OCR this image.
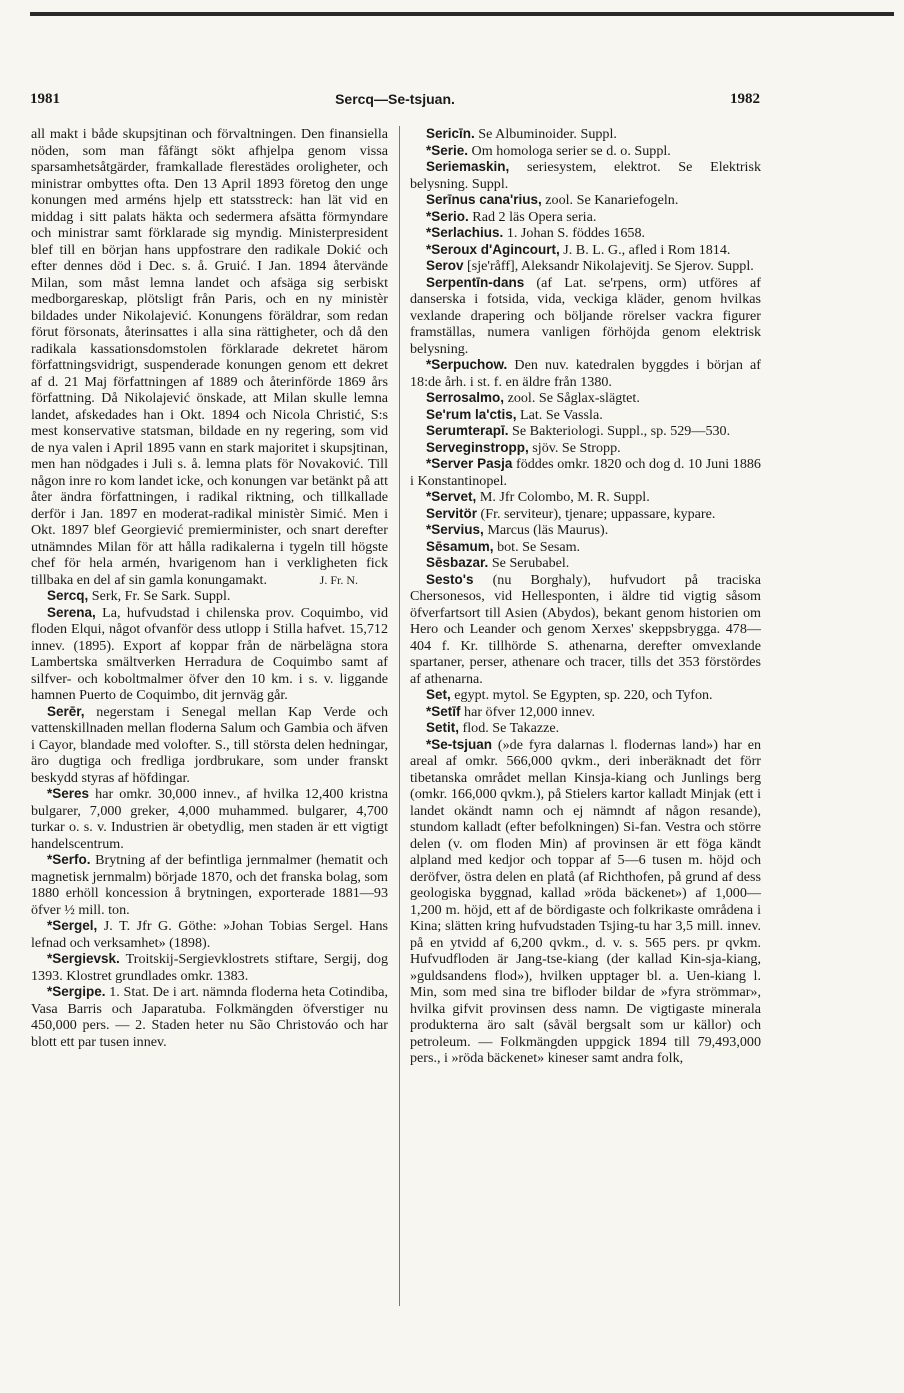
1981	Sercq—Se-tsjuan.	1982

all makt i både skupsjtinan och förvaltningen. Den finansiella nöden, som man fåfängt sökt afhjelpa genom vissa sparsamhetsåtgärder, framkallade flerestädes oroligheter, och ministrar ombyttes ofta. Den 13 April 1893 företog den unge konungen med arméns hjelp ett statsstreck: han lät vid en middag i sitt palats häkta och sedermera afsätta förmyndare och ministrar samt förklarade sig myndig. Ministerpresident blef till en början hans uppfostrare den radikale Dokić och efter dennes död i Dec. s. å. Gruić. I Jan. 1894 återvände Milan, som måst lemna landet och afsäga sig serbiskt medborgareskap, plötsligt från Paris, och en ny ministèr bildades under Nikolajević. Konungens föräldrar, som redan förut försonats, återinsattes i alla sina rättigheter, och då den radikala kassationsdomstolen förklarade dekretet härom författningsvidrigt, suspenderade konungen genom ett dekret af d. 21 Maj författningen af 1889 och återinförde 1869 års författning. Då Nikolajević önskade, att Milan skulle lemna landet, afskedades han i Okt. 1894 och Nicola Christić, S:s mest konservative statsman, bildade en ny regering, som vid de nya valen i April 1895 vann en stark majoritet i skupsjtinan, men han nödgades i Juli s. å. lemna plats för Novaković. Till någon inre ro kom landet icke, och konungen var betänkt på att åter ändra författningen, i radikal riktning, och tillkallade derför i Jan. 1897 en moderat-radikal ministèr Simić. Men i Okt. 1897 blef Georgiević premierminister, och snart derefter utnämndes Milan för att hålla radikalerna i tygeln till högste chef för hela armén, hvarigenom han i verkligheten fick tillbaka en del af sin gamla konungamakt.	J. Fr. N.

Sercq, Serk, Fr. Se Sark. Suppl.

Serena, La, hufvudstad i chilenska prov. Coquimbo, vid floden Elqui, något ofvanför dess utlopp i Stilla hafvet. 15,712 innev. (1895). Export af koppar från de närbelägna stora Lambertska smältverken Herradura de Coquimbo samt af silfver- och koboltmalmer öfver den 10 km. i s. v. liggande hamnen Puerto de Coquimbo, dit jernväg går.

Serēr, negerstam i Senegal mellan Kap Verde och vattenskillnaden mellan floderna Salum och Gambia och äfven i Cayor, blandade med volofter. S., till största delen hedningar, äro dugtiga och fredliga jordbrukare, som under franskt beskydd styras af höfdingar.

*Seres har omkr. 30,000 innev., af hvilka 12,400 kristna bulgarer, 7,000 greker, 4,000 muhammed. bulgarer, 4,700 turkar o. s. v. Industrien är obetydlig, men staden är ett vigtigt handelscentrum.

*Serfo. Brytning af der befintliga jernmalmer (hematit och magnetisk jernmalm) började 1870, och det franska bolag, som 1880 erhöll koncession å brytningen, exporterade 1881—93 öfver ½ mill. ton.

*Sergel, J. T. Jfr G. Göthe: »Johan Tobias Sergel. Hans lefnad och verksamhet» (1898).

*Sergievsk. Troitskij-Sergievklostrets stiftare, Sergij, dog 1393. Klostret grundlades omkr. 1383.

*Sergipe. 1. Stat. De i art. nämnda floderna heta Cotindiba, Vasa Barris och Japaratuba. Folkmängden öfverstiger nu 450,000 pers. — 2. Staden heter nu São Christováo och har blott ett par tusen innev.

Sericīn. Se Albuminoider. Suppl.

*Serie. Om homologa serier se d. o. Suppl.

Seriemaskin, seriesystem, elektrot. Se Elektrisk belysning. Suppl.

Serīnus cana'rius, zool. Se Kanariefogeln.

*Serio. Rad 2 läs Opera seria.

*Serlachius. 1. Johan S. föddes 1658.

*Seroux d'Agincourt, J. B. L. G., afled i Rom 1814.

Serov [sje'råff], Aleksandr Nikolajevitj. Se Sjerov. Suppl.

Serpentīn-dans (af Lat. se'rpens, orm) utföres af danserska i fotsida, vida, veckiga kläder, genom hvilkas vexlande drapering och böljande rörelser vackra figurer framställas, numera vanligen förhöjda genom elektrisk belysning.

*Serpuchow. Den nuv. katedralen byggdes i början af 18:de årh. i st. f. en äldre från 1380.

Serrosalmo, zool. Se Såglax-slägtet.

Se'rum la'ctis, Lat. Se Vassla.

Serumterapī. Se Bakteriologi. Suppl., sp. 529—530.

Serveginstropp, sjöv. Se Stropp.

*Server Pasja föddes omkr. 1820 och dog d. 10 Juni 1886 i Konstantinopel.

*Servet, M. Jfr Colombo, M. R. Suppl.

Servitör (Fr. serviteur), tjenare; uppassare, kypare.

*Servius, Marcus (läs Maurus).

Sēsamum, bot. Se Sesam.

Sēsbazar. Se Serubabel.

Sesto's (nu Borghaly), hufvudort på traciska Chersonesos, vid Hellesponten, i äldre tid vigtig såsom öfverfartsort till Asien (Abydos), bekant genom historien om Hero och Leander och genom Xerxes' skeppsbrygga. 478—404 f. Kr. tillhörde S. athenarna, derefter omvexlande spartaner, perser, athenare och tracer, tills det 353 förstördes af athenarna.

Set, egypt. mytol. Se Egypten, sp. 220, och Tyfon.

*Setīf har öfver 12,000 innev.

Setit, flod. Se Takazze.

*Se-tsjuan (»de fyra dalarnas l. flodernas land») har en areal af omkr. 566,000 qvkm., deri inberäknadt det förr tibetanska området mellan Kinsja-kiang och Junlings berg (omkr. 166,000 qvkm.), på Stielers kartor kalladt Minjak (ett i landet okändt namn och ej nämndt af någon resande), stundom kalladt (efter befolkningen) Si-fan. Vestra och större delen (v. om floden Min) af provinsen är ett föga kändt alpland med kedjor och toppar af 5—6 tusen m. höjd och deröfver, östra delen en platå (af Richthofen, på grund af dess geologiska byggnad, kallad »röda bäckenet») af 1,000—1,200 m. höjd, ett af de bördigaste och folkrikaste områdena i Kina; slätten kring hufvudstaden Tsjing-tu har 3,5 mill. innev. på en ytvidd af 6,200 qvkm., d. v. s. 565 pers. pr qvkm. Hufvudfloden är Jang-tse-kiang (der kallad Kin-sja-kiang, »guldsandens flod»), hvilken upptager bl. a. Uen-kiang l. Min, som med sina tre bifloder bildar de »fyra strömmar», hvilka gifvit provinsen dess namn. De vigtigaste minerala produkterna äro salt (såväl bergsalt som ur källor) och petroleum. — Folkmängden uppgick 1894 till 79,493,000 pers., i »röda bäckenet» kineser samt andra folk,
